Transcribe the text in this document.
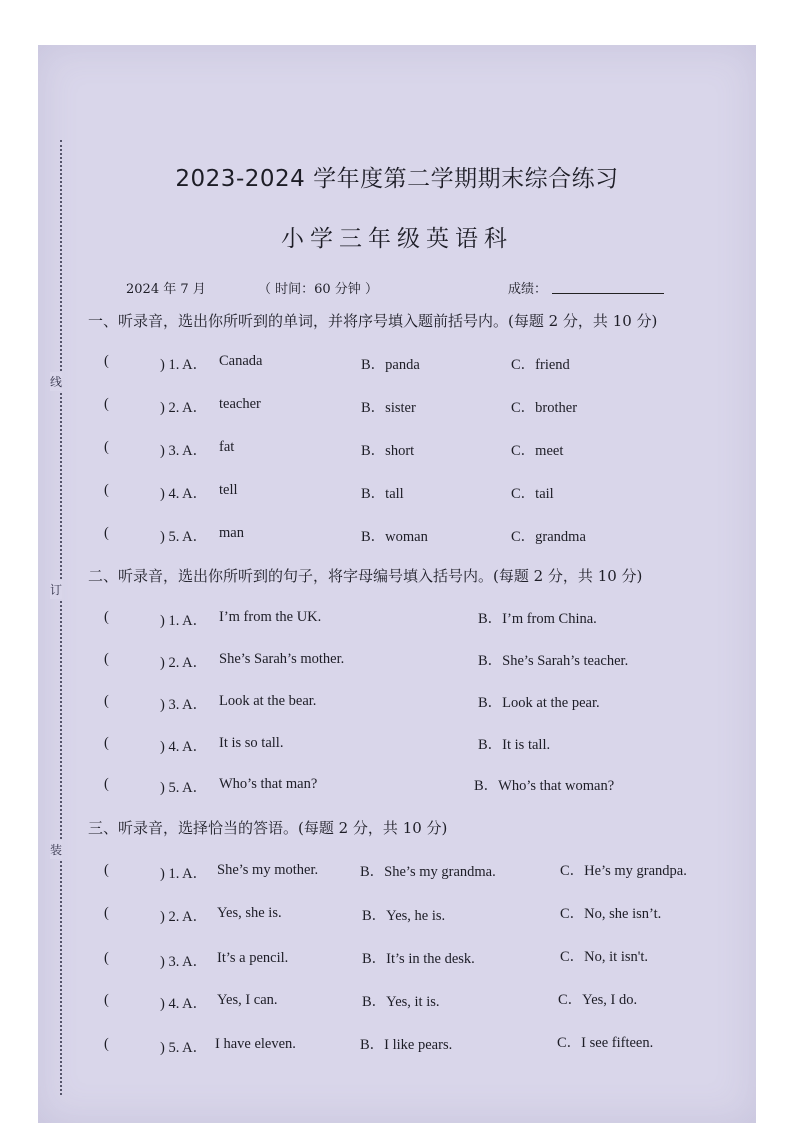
线
订
装
2023-2024 学年度第二学期期末综合练习
小学三年级英语科
2024 年 7 月	（ 时间：60 分钟 ）	成绩：
一、听录音，选出你所听到的单词，并将序号填入题前括号内。(每题 2 分，共 10 分)
(	) 1. A． Canada	B．panda	C．friend
(	) 2. A． teacher	B．sister	C．brother
(	) 3. A． fat	B．short	C．meet
(	) 4. A． tell	B．tall	C．tail
(	) 5. A． man	B．woman	C．grandma
二、听录音，选出你所听到的句子，将字母编号填入括号内。(每题 2 分，共 10 分)
(	) 1. A． I’m from the UK.	B．I’m from China.
(	) 2. A． She’s Sarah’s mother.	B．She’s Sarah’s teacher.
(	) 3. A． Look at the bear.	B．Look at the pear.
(	) 4. A． It is so tall.	B．It is tall.
(	) 5. A． Who’s that man?	B．Who’s that woman?
三、听录音，选择恰当的答语。(每题 2 分，共 10 分)
(	) 1. A． She’s my mother.	B．She’s my grandma.	C．He’s my grandpa.
(	) 2. A． Yes, she is.	B．Yes, he is.	C．No, she isn’t.
(	) 3. A． It’s a pencil.	B．It’s in the desk.	C．No, it isn't.
(	) 4. A． Yes, I can.	B．Yes, it is.	C．Yes, I do.
(	) 5. A． I have eleven.	B．I like pears.	C．I see fifteen.
